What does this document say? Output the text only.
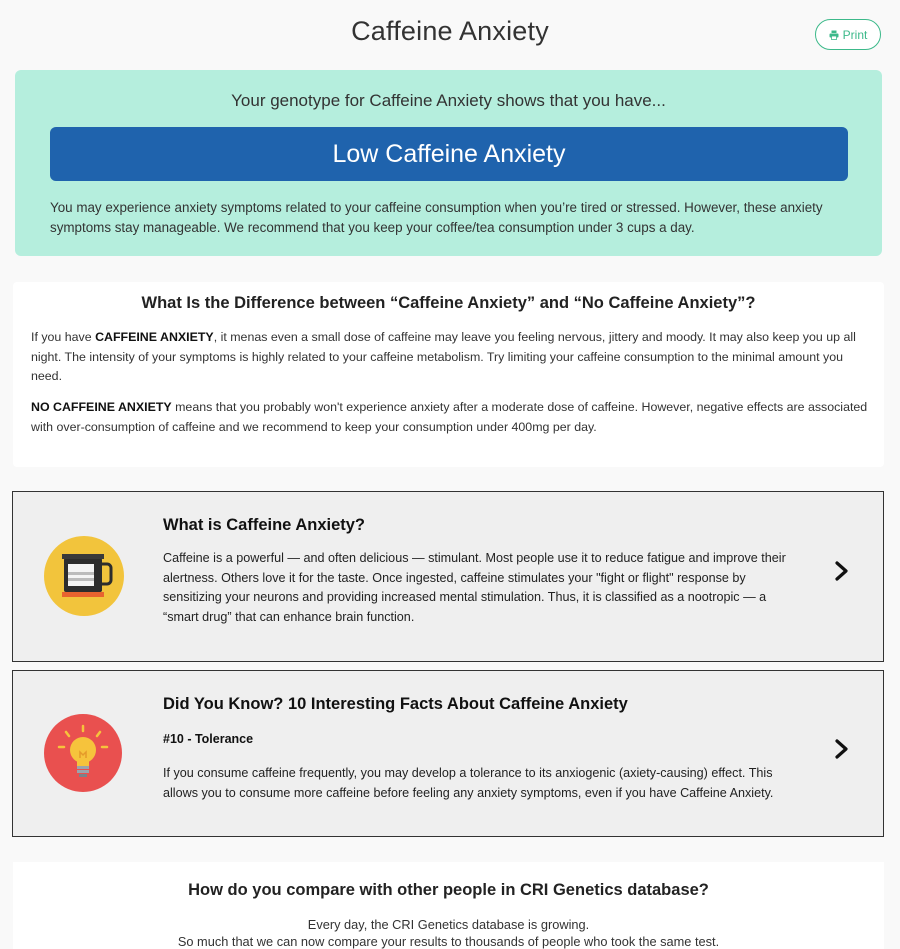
Caffeine Anxiety	Print
Your genotype for Caffeine Anxiety shows that you have...
Low Caffeine Anxiety
You may experience anxiety symptoms related to your caffeine consumption when you’re tired or stressed. However, these anxiety symptoms stay manageable. We recommend that you keep your coffee/tea consumption under 3 cups a day.
What Is the Difference between “Caffeine Anxiety” and “No Caffeine Anxiety”?

If you have CAFFEINE ANXIETY, it menas even a small dose of caffeine may leave you feeling nervous, jittery and moody. It may also keep you up all night. The intensity of your symptoms is highly related to your caffeine metabolism. Try limiting your caffeine consumption to the minimal amount you need.

NO CAFFEINE ANXIETY means that you probably won't experience anxiety after a moderate dose of caffeine. However, negative effects are associated with over-consumption of caffeine and we recommend to keep your consumption under 400mg per day.

What is Caffeine Anxiety?
Caffeine is a powerful — and often delicious — stimulant. Most people use it to reduce fatigue and improve their alertness. Others love it for the taste. Once ingested, caffeine stimulates your "fight or flight" response by sensitizing your neurons and providing increased mental stimulation. Thus, it is classified as a nootropic — a “smart drug” that can enhance brain function.
Did You Know? 10 Interesting Facts About Caffeine Anxiety
#10 - Tolerance
If you consume caffeine frequently, you may develop a tolerance to its anxiogenic (axiety-causing) effect. This allows you to consume more caffeine before feeling any anxiety symptoms, even if you have Caffeine Anxiety.
How do you compare with other people in CRI Genetics database?
Every day, the CRI Genetics database is growing.
So much that we can now compare your results to thousands of people who took the same test.
